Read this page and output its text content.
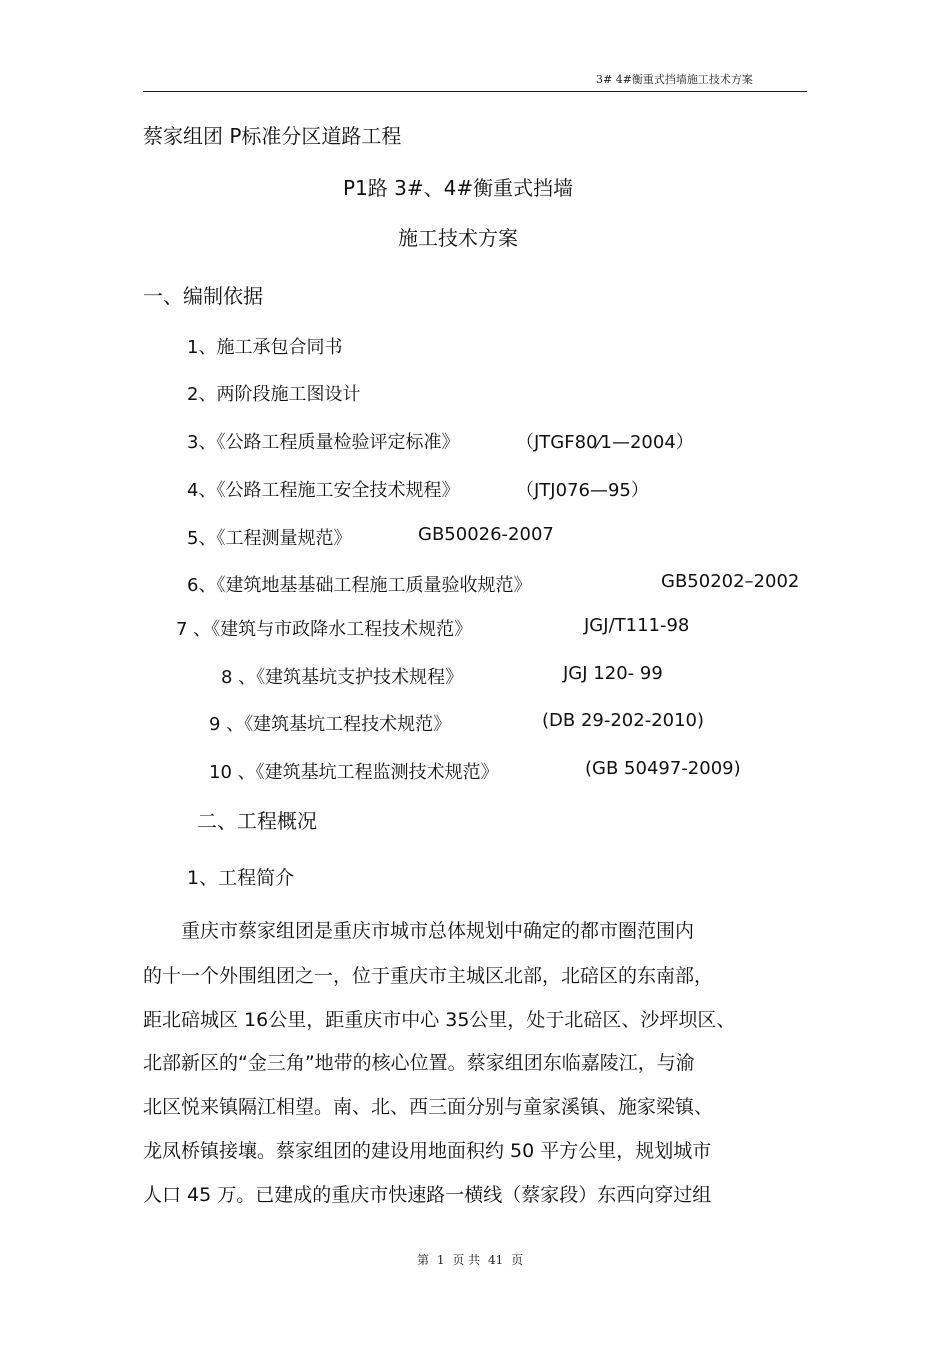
3# 4#衡重式挡墙施工技术方案
蔡家组团 P标准分区道路工程
P1路 3#、4#衡重式挡墙
施工技术方案
一、编制依据
1、施工承包合同书
2、两阶段施工图设计
3、《公路工程质量检验评定标准》	（JTGF80⁄1—2004）
4、《公路工程施工安全技术规程》	（JTJ076—95）
5、《工程测量规范》	GB50026-2007
6、《建筑地基基础工程施工质量验收规范》	GB50202–2002
7 、《建筑与市政降水工程技术规范》	JGJ/T111-98
8 、《建筑基坑支护技术规程》	JGJ 120- 99
9 、《建筑基坑工程技术规范》	(DB 29-202-2010)
10 、《建筑基坑工程监测技术规范》	(GB 50497-2009)
二、工程概况
1、工程简介
重庆市蔡家组团是重庆市城市总体规划中确定的都市圈范围内
的十一个外围组团之一，位于重庆市主城区北部，北碚区的东南部，
距北碚城区 16公里，距重庆市中心 35公里，处于北碚区、沙坪坝区、
北部新区的“金三角”地带的核心位置。蔡家组团东临嘉陵江，与渝
北区悦来镇隔江相望。南、北、西三面分别与童家溪镇、施家梁镇、
龙凤桥镇接壤。蔡家组团的建设用地面积约 50 平方公里，规划城市
人口 45 万。已建成的重庆市快速路一横线（蔡家段）东西向穿过组
第 1 页 共 41 页
